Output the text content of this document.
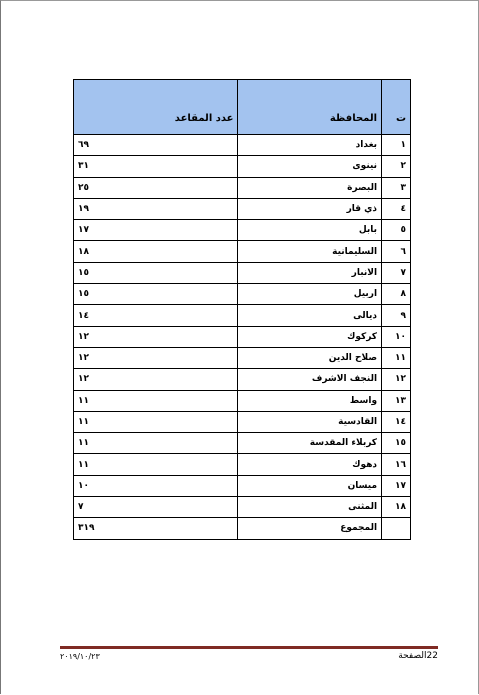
ت	المحافظة	عدد المقاعد
١	بغداد	٦٩
٢	نينوى	٣١
٣	البصرة	٢٥
٤	ذي قار	١٩
٥	بابل	١٧
٦	السليمانية	١٨
٧	الانبار	١٥
٨	اربيل	١٥
٩	ديالى	١٤
١٠	كركوك	١٢
١١	صلاح الدين	١٢
١٢	النجف الاشرف	١٢
١٣	واسط	١١
١٤	القادسية	١١
١٥	كربلاء المقدسة	١١
١٦	دهوك	١١
١٧	ميسان	١٠
١٨	المثنى	٧
	المجموع	٣١٩
٢٠١٩/١٠/٢٣	22الصفحة
